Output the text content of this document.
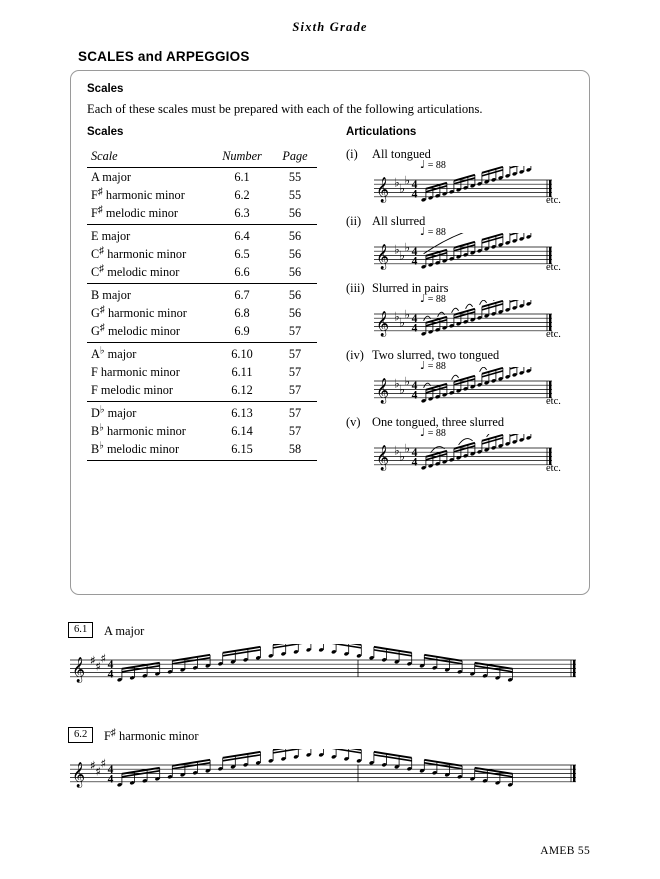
Sixth Grade
SCALES and ARPEGGIOS
Scales
Each of these scales must be prepared with each of the following articulations.
Scales	Articulations
Scale	Number	Page
A major	6.1	55
F♯ harmonic minor	6.2	55
F♯ melodic minor	6.3	56
E major	6.4	56
C♯ harmonic minor	6.5	56
C♯ melodic minor	6.6	56
B major	6.7	56
G♯ harmonic minor	6.8	56
G♯ melodic minor	6.9	57
A♭ major	6.10	57
F harmonic minor	6.11	57
F melodic minor	6.12	57
D♭ major	6.13	57
B♭ harmonic minor	6.14	57
B♭ melodic minor	6.15	58
(i) All tongued
𝄞 ♭ ♭
♭ 4
4
♩ = 88
etc.
(ii) All slurred
𝄞 ♭ ♭
♭ 4
4
♩ = 88
etc.
(iii) Slurred in pairs
𝄞 ♭ ♭
♭ 4
4
♩ = 88
etc.
(iv) Two slurred, two tongued
𝄞 ♭ ♭
♭ 4
4
♩ = 88
etc.
(v) One tongued, three slurred
𝄞 ♭ ♭
♭ 4
4
♩ = 88
etc.
6.1	A major
𝄞 ♯ ♯
♯ 4
4
6.2	F♯ harmonic minor
𝄞 ♯ ♯
♯ 4
4
AMEB 55
